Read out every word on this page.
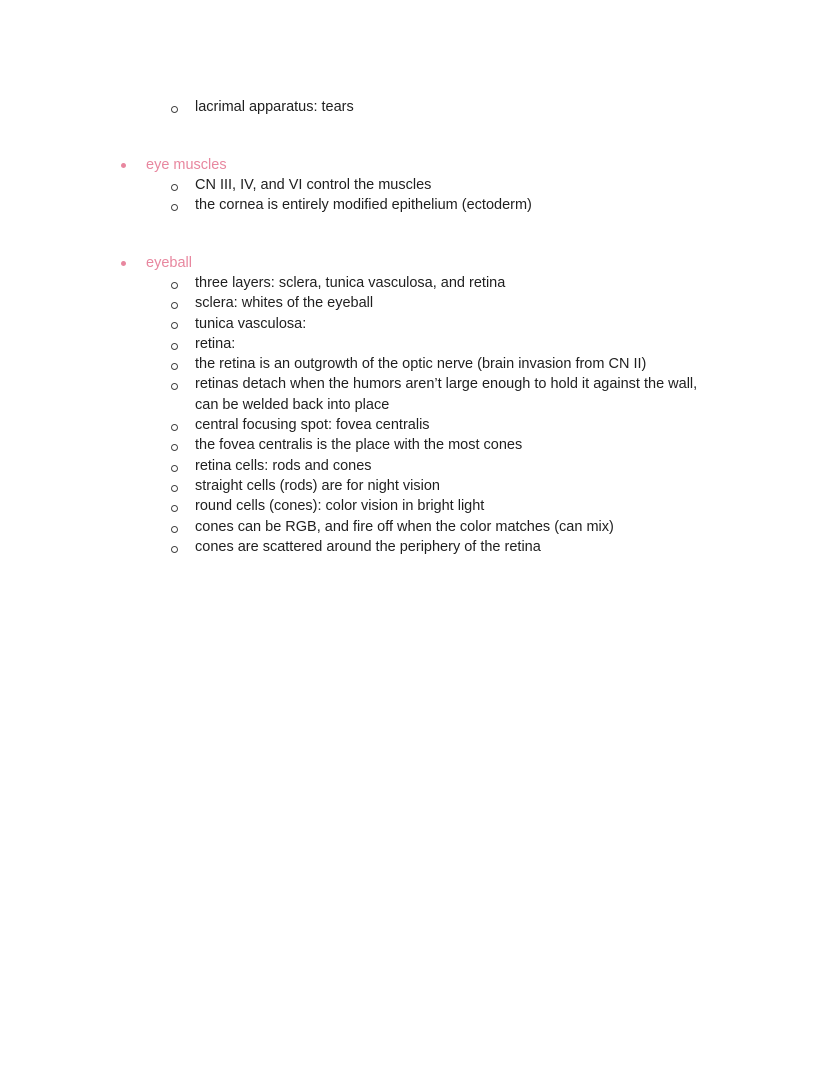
lacrimal apparatus: tears
eye muscles
CN III, IV, and VI control the muscles
the cornea is entirely modified epithelium (ectoderm)
eyeball
three layers: sclera, tunica vasculosa, and retina
sclera: whites of the eyeball
tunica vasculosa:
retina:
the retina is an outgrowth of the optic nerve (brain invasion from CN II)
retinas detach when the humors aren’t large enough to hold it against the wall,
can be welded back into place
central focusing spot: fovea centralis
the fovea centralis is the place with the most cones
retina cells: rods and cones
straight cells (rods) are for night vision
round cells (cones): color vision in bright light
cones can be RGB, and fire off when the color matches (can mix)
cones are scattered around the periphery of the retina
